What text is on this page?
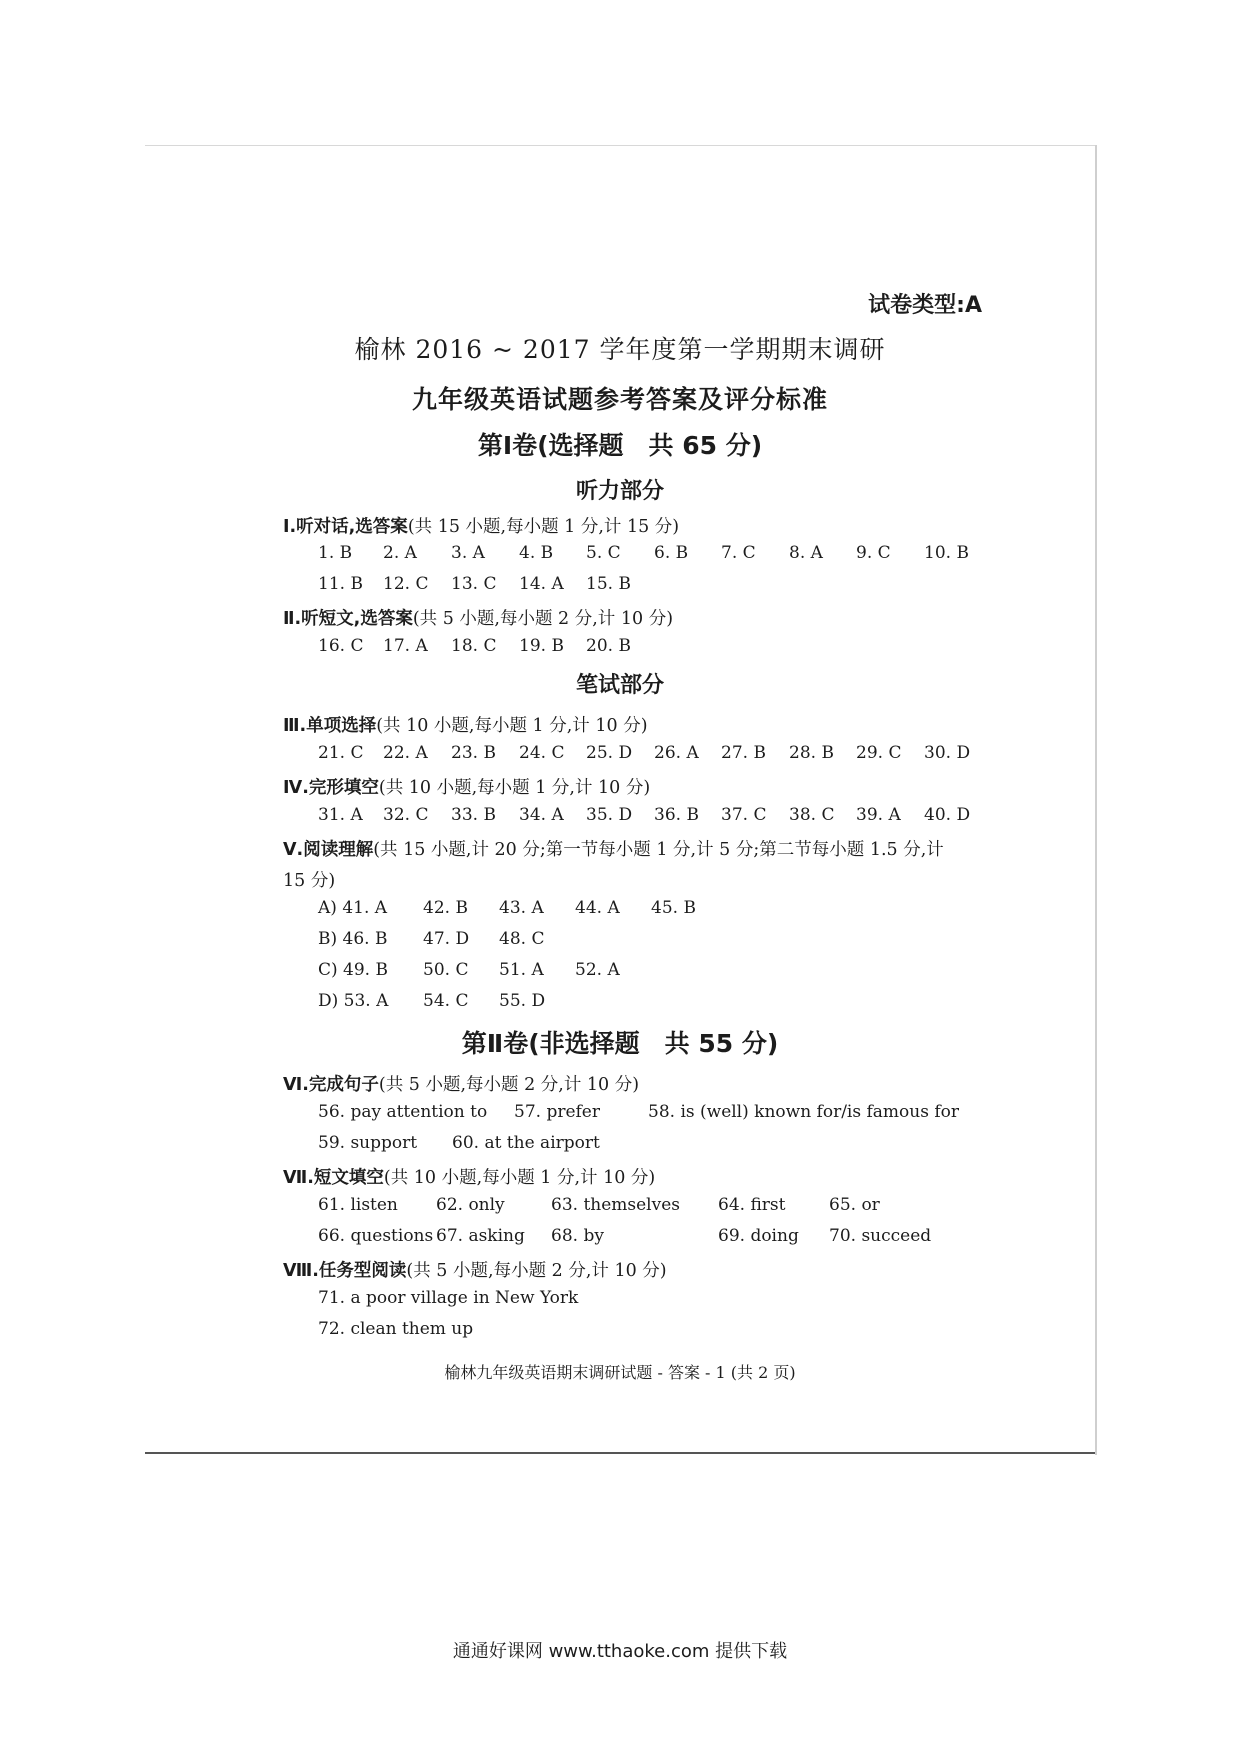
试卷类型:A
榆林 2016 ~ 2017 学年度第一学期期末调研
九年级英语试题参考答案及评分标准
第Ⅰ卷(选择题　共 65 分)
听力部分
Ⅰ.听对话,选答案(共 15 小题,每小题 1 分,计 15 分)
1. B 2. A 3. A 4. B 5. C 6. B 7. C 8. A 9. C 10. B
11. B 12. C 13. C 14. A 15. B
Ⅱ.听短文,选答案(共 5 小题,每小题 2 分,计 10 分)
16. C 17. A 18. C 19. B 20. B
笔试部分
Ⅲ.单项选择(共 10 小题,每小题 1 分,计 10 分)
21. C 22. A 23. B 24. C 25. D 26. A 27. B 28. B 29. C 30. D
Ⅳ.完形填空(共 10 小题,每小题 1 分,计 10 分)
31. A 32. C 33. B 34. A 35. D 36. B 37. C 38. C 39. A 40. D
Ⅴ.阅读理解(共 15 小题,计 20 分;第一节每小题 1 分,计 5 分;第二节每小题 1.5 分,计
15 分)
A) 41. A 42. B 43. A 44. A 45. B
B) 46. B 47. D 48. C
C) 49. B 50. C 51. A 52. A
D) 53. A 54. C 55. D
第Ⅱ卷(非选择题　共 55 分)
Ⅵ.完成句子(共 5 小题,每小题 2 分,计 10 分)
56. pay attention to 57. prefer	58. is (well) known for/is famous for
59. support 60. at the airport
Ⅶ.短文填空(共 10 小题,每小题 1 分,计 10 分)
61. listen 62. only	63. themselves 64. first	65. or
66. questions 67. asking 68. by	69. doing 70. succeed
Ⅷ.任务型阅读(共 5 小题,每小题 2 分,计 10 分)
71. a poor village in New York
72. clean them up
榆林九年级英语期末调研试题 - 答案 - 1 (共 2 页)
通通好课网 www.tthaoke.com 提供下载
